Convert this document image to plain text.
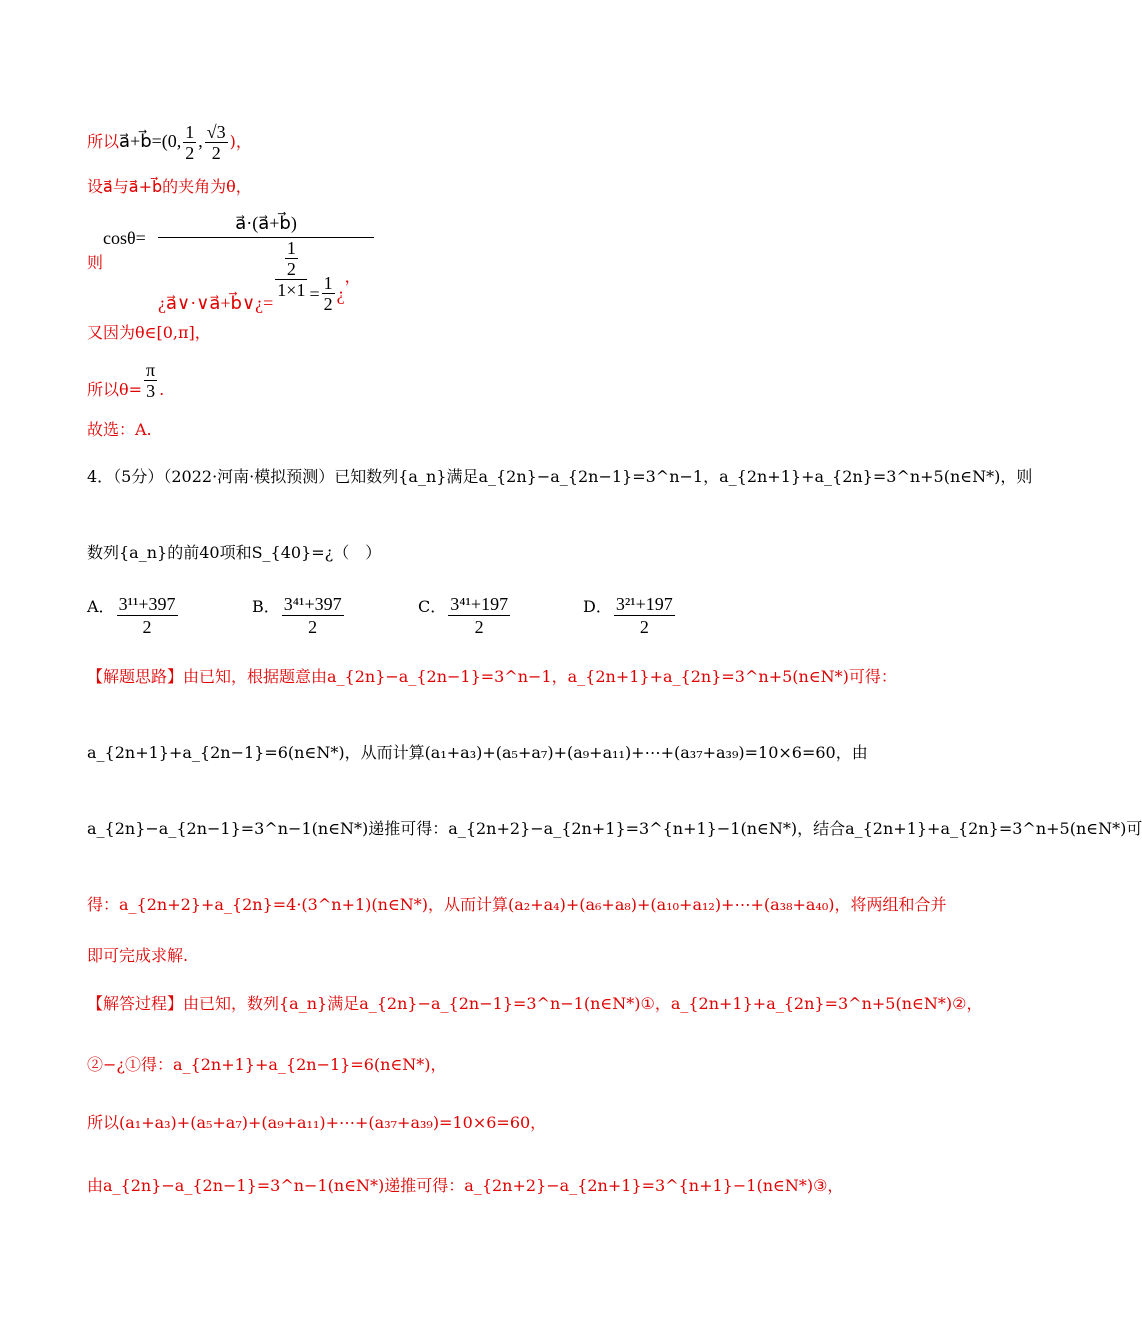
所以a⃗+b⃗=(0, $\frac{1}{2}$ , $\frac{√3}{2}$ )，
设a⃗与a⃗+b⃗的夹角为θ，
cosθ=
a⃗·(a⃗+b⃗)
则
¿a⃗∨·∨a⃗+b⃗∨¿=
$\frac{\frac{1}{2}}{1\times 1} = \frac{1}{2}$ ¿，
又因为θ∈[0,π]，
所以$\theta= \frac{\pi}{3}$ .
故选：A.
4．（5分）（2022·河南·模拟预测）已知数列{a_n}满足a_{2n}−a_{2n−1}=3^n−1，a_{2n+1}+a_{2n}=3^n+5(n∈N*)，则
数列{a_n}的前40项和S_{40}=¿（　）
A． $\frac{\text{3¹¹+397}}{2}$	B． $\frac{\text{3⁴¹+397}}{2}$	C． $\frac{\text{3⁴¹+197}}{2}$	D． $\frac{\text{3²¹+197}}{2}$
【解题思路】由已知，根据题意由a_{2n}−a_{2n−1}=3^n−1，a_{2n+1}+a_{2n}=3^n+5(n∈N*)可得：
a_{2n+1}+a_{2n−1}=6(n∈N*)，从而计算(a₁+a₃)+(a₅+a₇)+(a₉+a₁₁)+⋯+(a₃₇+a₃₉)=10×6=60，由
a_{2n}−a_{2n−1}=3^n−1(n∈N*)递推可得：a_{2n+2}−a_{2n+1}=3^{n+1}−1(n∈N*)，结合a_{2n+1}+a_{2n}=3^n+5(n∈N*)可
得：a_{2n+2}+a_{2n}=4·(3^n+1)(n∈N*)，从而计算(a₂+a₄)+(a₆+a₈)+(a₁₀+a₁₂)+⋯+(a₃₈+a₄₀)，将两组和合并
即可完成求解.
【解答过程】由已知，数列{a_n}满足a_{2n}−a_{2n−1}=3^n−1(n∈N*)①，a_{2n+1}+a_{2n}=3^n+5(n∈N*)②，
②−¿①得：a_{2n+1}+a_{2n−1}=6(n∈N*)，
所以(a₁+a₃)+(a₅+a₇)+(a₉+a₁₁)+⋯+(a₃₇+a₃₉)=10×6=60，
由a_{2n}−a_{2n−1}=3^n−1(n∈N*)递推可得：a_{2n+2}−a_{2n+1}=3^{n+1}−1(n∈N*)③，
